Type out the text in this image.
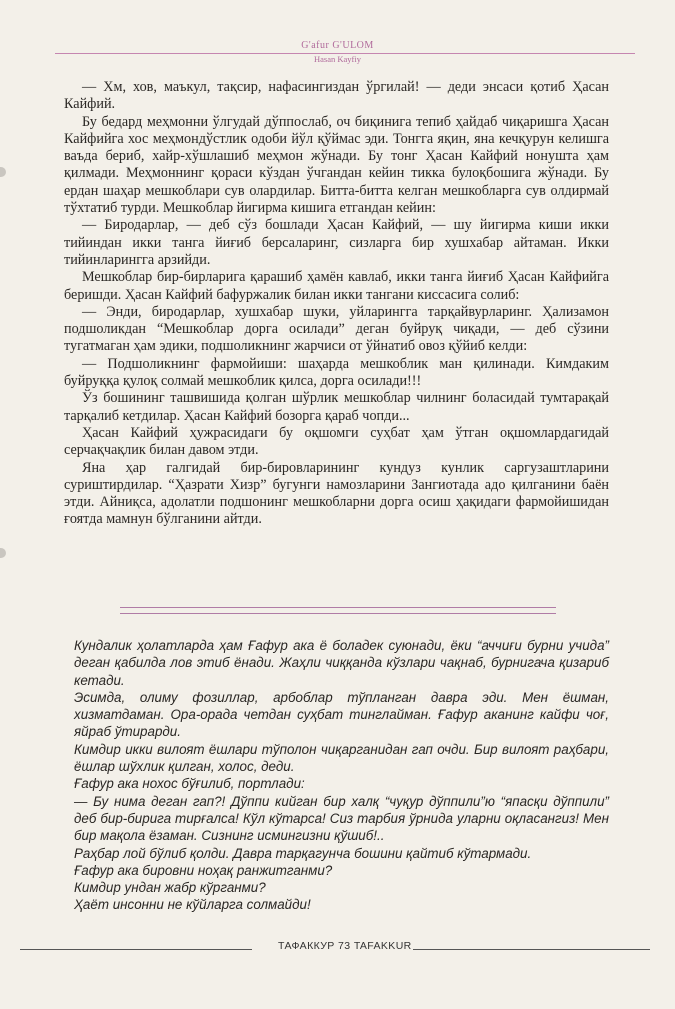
G'afur G'ULOM
Hasan Kayfiy

— Хм, хов, маъкул, тақсир, нафасингиздан ўргилай! — деди энсаси қотиб Ҳасан Кайфий.

Бу бедард меҳмонни ўлгудай дўппослаб, оч биқинига тепиб ҳайдаб чиқаришга Ҳасан Кайфийга хос меҳмондўстлик одоби йўл қўймас эди. Тонгга яқин, яна кечқурун келишга ваъда бериб, хайр-хўшлашиб меҳмон жўнади. Бу тонг Ҳасан Кайфий нонушта ҳам қилмади. Меҳмоннинг қораси кўздан ўчгандан кейин тикка булоқбошига жўнади. Бу ердан шаҳар мешкоблари сув олардилар. Битта-битта келган мешкобларга сув олдирмай тўхтатиб турди. Мешкоблар йигирма кишига етгандан кейин:

— Биродарлар, — деб сўз бошлади Ҳасан Кайфий, — шу йигирма киши икки тийиндан икки танга йиғиб берсаларинг, сизларга бир хушхабар айтаман. Икки тийинларингга арзийди.

Мешкоблар бир-бирларига қарашиб ҳамён кавлаб, икки танга йиғиб Ҳасан Кайфийга беришди. Ҳасан Кайфий бафуржалик билан икки тангани киссасига солиб:

— Энди, биродарлар, хушхабар шуки, уйларингга тарқайвурларинг. Ҳализамон подшоликдан “Мешкоблар дорга осилади” деган буйруқ чиқади, — деб сўзини тугатмаган ҳам эдики, подшоликнинг жарчиси от ўйнатиб овоз қўйиб келди:

— Подшоликнинг фармойиши: шаҳарда мешкоблик ман қилинади. Кимдаким буйруққа қулоқ солмай мешкоблик қилса, дорга осилади!!!

Ўз бошининг ташвишида қолган шўрлик мешкоблар чилнинг боласидай тумтарақай тарқалиб кетдилар. Ҳасан Кайфий бозорга қараб чопди...

Ҳасан Кайфий ҳужрасидаги бу оқшомги суҳбат ҳам ўтган оқшомлардагидай серчақчақлик билан давом этди.

Яна ҳар галгидай бир-бировларининг кундуз кунлик саргузаштларини суриштирдилар. “Ҳазрати Хизр” бугунги намозларини Зангиотада адо қилганини баён этди. Айниқса, адолатли подшонинг мешкобларни дорга осиш ҳақидаги фармойишидан ғоятда мамнун бўлганини айтди.

Кундалик ҳолатларда ҳам Ғафур ака ё боладек суюнади, ёки “аччиғи бурни учида” деган қабилда лов этиб ёнади. Жаҳли чиққанда кўзлари чақнаб, бурнигача қизариб кетади.

Эсимда, олиму фозиллар, арбоблар тўпланган давра эди. Мен ёшман, хизматдаман. Ора-орада четдан суҳбат тинглайман. Ғафур аканинг кайфи чоғ, яйраб ўтирарди.

Кимдир икки вилоят ёшлари тўполон чиқарганидан гап очди. Бир вилоят раҳбари, ёшлар шўхлик қилган, холос, деди.

Ғафур ака нохос бўғилиб, портлади:

— Бу нима деган гап?! Дўппи кийган бир халқ “чуқур дўппили”ю “япасқи дўппили” деб бир-бирига тирғалса! Кўл кўтарса! Сиз тарбия ўрнида уларни оқласангиз! Мен бир мақола ёзаман. Сизнинг исмингизни қўшиб!..

Раҳбар лой бўлиб қолди. Давра тарқагунча бошини қайтиб кўтармади.

Ғафур ака бировни ноҳақ ранжитганми?

Кимдир ундан жабр кўрганми?

Ҳаёт инсонни не кўйларга солмайди!

ТАФАККУР 73 TAFAKKUR
